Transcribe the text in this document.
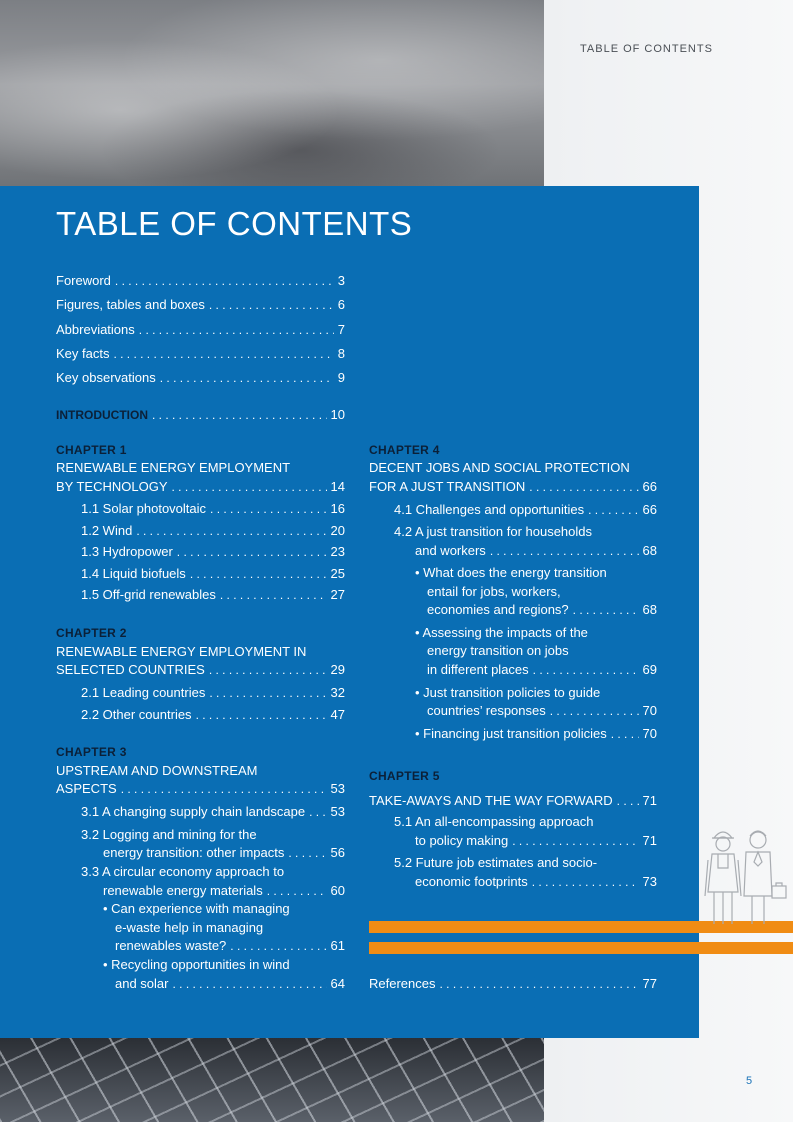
TABLE OF CONTENTS
TABLE OF CONTENTS
Foreword . . .	3
Figures, tables and boxes . . .	6
Abbreviations . . .	7
Key facts . . .	8
Key observations . . .	9
INTRODUCTION . . .	10
CHAPTER 1
RENEWABLE ENERGY EMPLOYMENT
BY TECHNOLOGY . . .	14
1.1 Solar photovoltaic . . .	16
1.2 Wind . . .	20
1.3 Hydropower . . .	23
1.4 Liquid biofuels . . .	25
1.5 Off-grid renewables . . .	27
CHAPTER 2
RENEWABLE ENERGY EMPLOYMENT IN
SELECTED COUNTRIES . . .	29
2.1 Leading countries . . .	32
2.2 Other countries . . .	47
CHAPTER 3
UPSTREAM AND DOWNSTREAM
ASPECTS . . .	53
3.1 A changing supply chain landscape . . . 53
3.2 Logging and mining for the
energy transition: other impacts . . .	56
3.3 A circular economy approach to
renewable energy materials . . .	60
• Can experience with managing
e-waste help in managing
renewables waste? . . .	61
• Recycling opportunities in wind
and solar . . .	64
CHAPTER 4
DECENT JOBS AND SOCIAL PROTECTION
FOR A JUST TRANSITION . . .	66
4.1 Challenges and opportunities . . .	66
4.2 A just transition for households
and workers . . .	68
• What does the energy transition
entail for jobs, workers,
economies and regions? . . .	68
• Assessing the impacts of the
energy transition on jobs
in different places . . .	69
• Just transition policies to guide
countries’ responses . . .	70
• Financing just transition policies . . .	70
CHAPTER 5
TAKE-AWAYS AND THE WAY FORWARD . . . 71
5.1 An all-encompassing approach
to policy making . . .	71
5.2 Future job estimates and socio-
economic footprints . . .	73
References . . .	77
5
